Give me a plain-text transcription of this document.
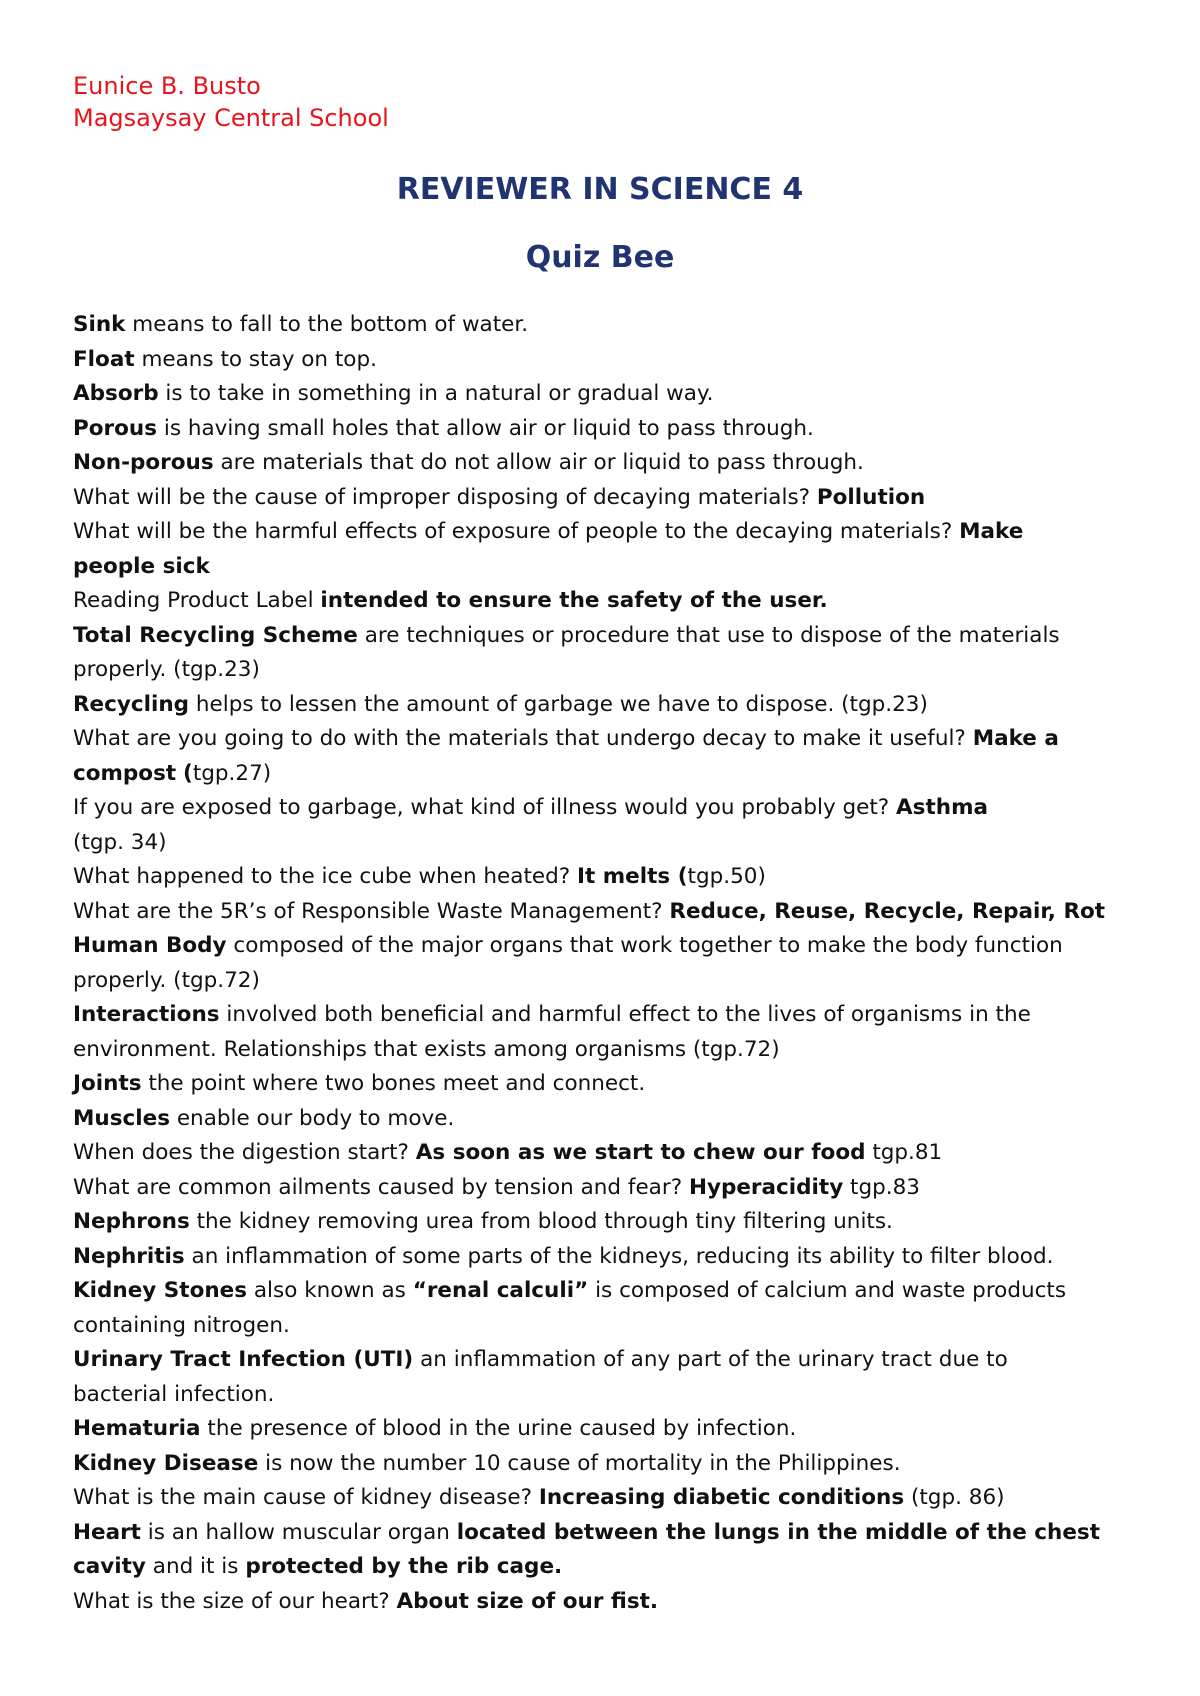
Eunice B. Busto
Magsaysay Central School
REVIEWER IN SCIENCE 4
Quiz Bee
Sink means to fall to the bottom of water.
Float means to stay on top.
Absorb is to take in something in a natural or gradual way.
Porous is having small holes that allow air or liquid to pass through.
Non-porous are materials that do not allow air or liquid to pass through.
What will be the cause of improper disposing of decaying materials? Pollution
What will be the harmful effects of exposure of people to the decaying materials? Make
people sick
Reading Product Label intended to ensure the safety of the user.
Total Recycling Scheme are techniques or procedure that use to dispose of the materials
properly. (tgp.23)
Recycling helps to lessen the amount of garbage we have to dispose. (tgp.23)
What are you going to do with the materials that undergo decay to make it useful? Make a
compost (tgp.27)
If you are exposed to garbage, what kind of illness would you probably get? Asthma
(tgp. 34)
What happened to the ice cube when heated? It melts (tgp.50)
What are the 5R’s of Responsible Waste Management? Reduce, Reuse, Recycle, Repair, Rot
Human Body composed of the major organs that work together to make the body function
properly. (tgp.72)
Interactions involved both beneficial and harmful effect to the lives of organisms in the
environment. Relationships that exists among organisms (tgp.72)
Joints the point where two bones meet and connect.
Muscles enable our body to move.
When does the digestion start? As soon as we start to chew our food tgp.81
What are common ailments caused by tension and fear? Hyperacidity tgp.83
Nephrons the kidney removing urea from blood through tiny filtering units.
Nephritis an inflammation of some parts of the kidneys, reducing its ability to filter blood.
Kidney Stones also known as “renal calculi” is composed of calcium and waste products
containing nitrogen.
Urinary Tract Infection (UTI) an inflammation of any part of the urinary tract due to
bacterial infection.
Hematuria the presence of blood in the urine caused by infection.
Kidney Disease is now the number 10 cause of mortality in the Philippines.
What is the main cause of kidney disease? Increasing diabetic conditions (tgp. 86)
Heart is an hallow muscular organ located between the lungs in the middle of the chest
cavity and it is protected by the rib cage.
What is the size of our heart? About size of our fist.
